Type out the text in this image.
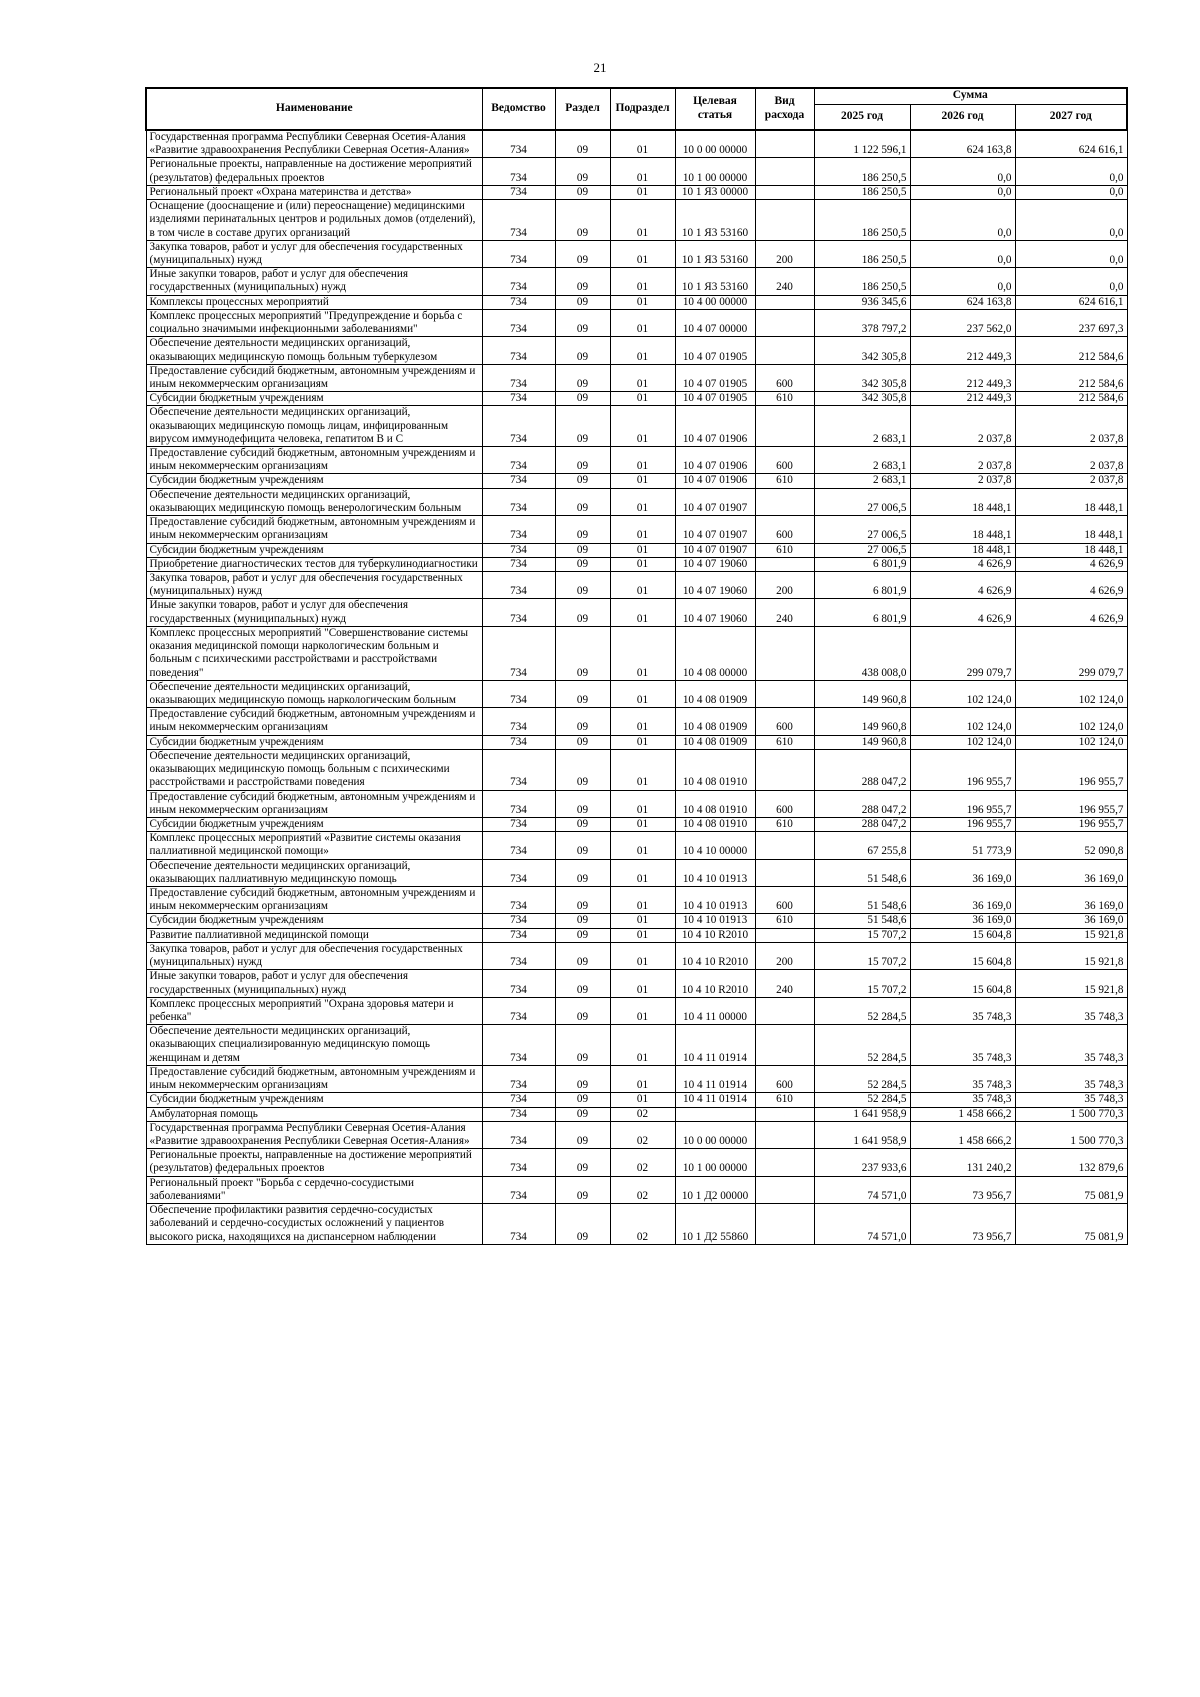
21
Наименование	Ведомство	Раздел	Подраздел	Целевая статья	Вид расхода	Сумма		
						2025 год	2026 год	2027 год
Государственная программа Республики Северная Осетия-Алания «Развитие здравоохранения Республики Северная Осетия-Алания»	734	09	01	10 0 00 00000		1 122 596,1	624 163,8	624 616,1
Региональные проекты, направленные на достижение мероприятий (результатов) федеральных проектов	734	09	01	10 1 00 00000		186 250,5	0,0	0,0
Региональный проект «Охрана материнства и детства»	734	09	01	10 1 Я3 00000		186 250,5	0,0	0,0
Оснащение (дооснащение и (или) переоснащение) медицинскими изделиями перинатальных центров и родильных домов (отделений), в том числе в составе других организаций	734	09	01	10 1 Я3 53160		186 250,5	0,0	0,0
Закупка товаров, работ и услуг для обеспечения государственных (муниципальных) нужд	734	09	01	10 1 Я3 53160	200	186 250,5	0,0	0,0
Иные закупки товаров, работ и услуг для обеспечения государственных (муниципальных) нужд	734	09	01	10 1 Я3 53160	240	186 250,5	0,0	0,0
Комплексы процессных мероприятий	734	09	01	10 4 00 00000		936 345,6	624 163,8	624 616,1
Комплекс процессных мероприятий "Предупреждение и борьба с социально значимыми инфекционными заболеваниями"	734	09	01	10 4 07 00000		378 797,2	237 562,0	237 697,3
Обеспечение деятельности медицинских организаций, оказывающих медицинскую помощь больным туберкулезом	734	09	01	10 4 07 01905		342 305,8	212 449,3	212 584,6
Предоставление субсидий бюджетным, автономным учреждениям и иным некоммерческим организациям	734	09	01	10 4 07 01905	600	342 305,8	212 449,3	212 584,6
Субсидии бюджетным учреждениям	734	09	01	10 4 07 01905	610	342 305,8	212 449,3	212 584,6
Обеспечение деятельности медицинских организаций, оказывающих медицинскую помощь лицам, инфицированным вирусом иммунодефицита человека, гепатитом В и С	734	09	01	10 4 07 01906		2 683,1	2 037,8	2 037,8
Предоставление субсидий бюджетным, автономным учреждениям и иным некоммерческим организациям	734	09	01	10 4 07 01906	600	2 683,1	2 037,8	2 037,8
Субсидии бюджетным учреждениям	734	09	01	10 4 07 01906	610	2 683,1	2 037,8	2 037,8
Обеспечение деятельности медицинских организаций, оказывающих медицинскую помощь венерологическим больным	734	09	01	10 4 07 01907		27 006,5	18 448,1	18 448,1
Предоставление субсидий бюджетным, автономным учреждениям и иным некоммерческим организациям	734	09	01	10 4 07 01907	600	27 006,5	18 448,1	18 448,1
Субсидии бюджетным учреждениям	734	09	01	10 4 07 01907	610	27 006,5	18 448,1	18 448,1
Приобретение диагностических тестов для туберкулинодиагностики	734	09	01	10 4 07 19060		6 801,9	4 626,9	4 626,9
Закупка товаров, работ и услуг для обеспечения государственных (муниципальных) нужд	734	09	01	10 4 07 19060	200	6 801,9	4 626,9	4 626,9
Иные закупки товаров, работ и услуг для обеспечения государственных (муниципальных) нужд	734	09	01	10 4 07 19060	240	6 801,9	4 626,9	4 626,9
Комплекс процессных мероприятий "Совершенствование системы оказания медицинской помощи наркологическим больным и больным с психическими расстройствами и расстройствами поведения"	734	09	01	10 4 08 00000		438 008,0	299 079,7	299 079,7
Обеспечение деятельности медицинских организаций, оказывающих медицинскую помощь наркологическим больным	734	09	01	10 4 08 01909		149 960,8	102 124,0	102 124,0
Предоставление субсидий бюджетным, автономным учреждениям и иным некоммерческим организациям	734	09	01	10 4 08 01909	600	149 960,8	102 124,0	102 124,0
Субсидии бюджетным учреждениям	734	09	01	10 4 08 01909	610	149 960,8	102 124,0	102 124,0
Обеспечение деятельности медицинских организаций, оказывающих медицинскую помощь больным с психическими расстройствами и расстройствами поведения	734	09	01	10 4 08 01910		288 047,2	196 955,7	196 955,7
Предоставление субсидий бюджетным, автономным учреждениям и иным некоммерческим организациям	734	09	01	10 4 08 01910	600	288 047,2	196 955,7	196 955,7
Субсидии бюджетным учреждениям	734	09	01	10 4 08 01910	610	288 047,2	196 955,7	196 955,7
Комплекс процессных мероприятий «Развитие системы оказания паллиативной медицинской помощи»	734	09	01	10 4 10 00000		67 255,8	51 773,9	52 090,8
Обеспечение деятельности медицинских организаций, оказывающих паллиативную медицинскую помощь	734	09	01	10 4 10 01913		51 548,6	36 169,0	36 169,0
Предоставление субсидий бюджетным, автономным учреждениям и иным некоммерческим организациям	734	09	01	10 4 10 01913	600	51 548,6	36 169,0	36 169,0
Субсидии бюджетным учреждениям	734	09	01	10 4 10 01913	610	51 548,6	36 169,0	36 169,0
Развитие паллиативной медицинской помощи	734	09	01	10 4 10 R2010		15 707,2	15 604,8	15 921,8
Закупка товаров, работ и услуг для обеспечения государственных (муниципальных) нужд	734	09	01	10 4 10 R2010	200	15 707,2	15 604,8	15 921,8
Иные закупки товаров, работ и услуг для обеспечения государственных (муниципальных) нужд	734	09	01	10 4 10 R2010	240	15 707,2	15 604,8	15 921,8
Комплекс процессных мероприятий "Охрана здоровья матери и ребенка"	734	09	01	10 4 11 00000		52 284,5	35 748,3	35 748,3
Обеспечение деятельности медицинских организаций, оказывающих специализированную медицинскую помощь женщинам и детям	734	09	01	10 4 11 01914		52 284,5	35 748,3	35 748,3
Предоставление субсидий бюджетным, автономным учреждениям и иным некоммерческим организациям	734	09	01	10 4 11 01914	600	52 284,5	35 748,3	35 748,3
Субсидии бюджетным учреждениям	734	09	01	10 4 11 01914	610	52 284,5	35 748,3	35 748,3
Амбулаторная помощь	734	09	02			1 641 958,9	1 458 666,2	1 500 770,3
Государственная программа Республики Северная Осетия-Алания «Развитие здравоохранения Республики Северная Осетия-Алания»	734	09	02	10 0 00 00000		1 641 958,9	1 458 666,2	1 500 770,3
Региональные проекты, направленные на достижение мероприятий (результатов) федеральных проектов	734	09	02	10 1 00 00000		237 933,6	131 240,2	132 879,6
Региональный проект "Борьба с сердечно-сосудистыми заболеваниями"	734	09	02	10 1 Д2 00000		74 571,0	73 956,7	75 081,9
Обеспечение профилактики развития сердечно-сосудистых заболеваний и сердечно-сосудистых осложнений у пациентов высокого риска, находящихся на диспансерном наблюдении	734	09	02	10 1 Д2 55860		74 571,0	73 956,7	75 081,9
